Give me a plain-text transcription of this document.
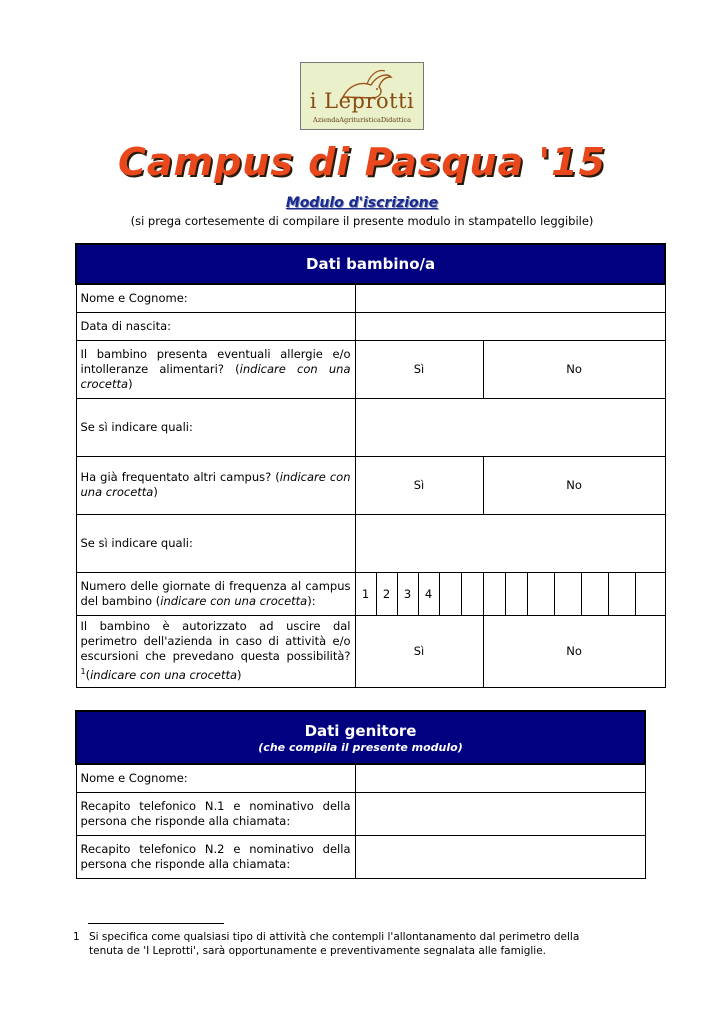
i Leprotti
AziendaAgrituristicaDidattica
Campus di Pasqua '15
Modulo d'iscrizione
(si prega cortesemente di compilare il presente modulo in stampatello leggibile)
Dati bambino/a													
Nome e Cognome:													
Data di nascita:													
Il bambino presenta eventuali allergie e/o intolleranze alimentari? (indicare con una crocetta)	Sì						No						
Se sì indicare quali:													
Ha già frequentato altri campus? (indicare con una crocetta)	Sì						No						
Se sì indicare quali:													
Numero delle giornate di frequenza al campus del bambino (indicare con una crocetta):	1	2	3	4									
Il bambino è autorizzato ad uscire dal perimetro dell'azienda in caso di attività e/o escursioni che prevedano questa possibilità?$^1$(indicare con una crocetta)	Sì						No						
Dati genitore
(che compila il presente modulo)	

Nome e Cognome:	
Recapito telefonico N.1 e nominativo della persona che risponde alla chiamata:	
Recapito telefonico N.2 e nominativo della persona che risponde alla chiamata:	
1 Si specifica come qualsiasi tipo di attività che contempli l'allontanamento dal perimetro della tenuta de 'I Leprotti', sarà opportunamente e preventivamente segnalata alle famiglie.
